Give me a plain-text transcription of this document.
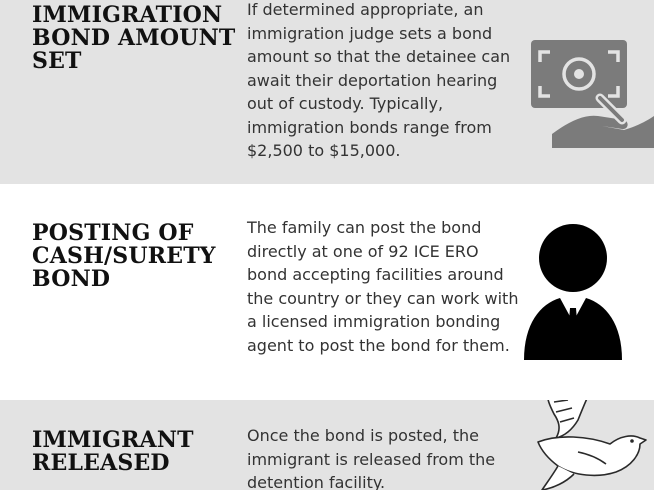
IMMIGRATION
BOND AMOUNT
SET

If determined appropriate, an immigration judge sets a bond amount so that the detainee can await their deportation hearing out of custody. Typically, immigration bonds range from $2,500 to $15,000.

POSTING OF
CASH/SURETY
BOND

The family can post the bond directly at one of 92 ICE ERO bond accepting facilities around the country or they can work with a licensed immigration bonding agent to post the bond for them.

IMMIGRANT
RELEASED

Once the bond is posted, the immigrant is released from the detention facility.
